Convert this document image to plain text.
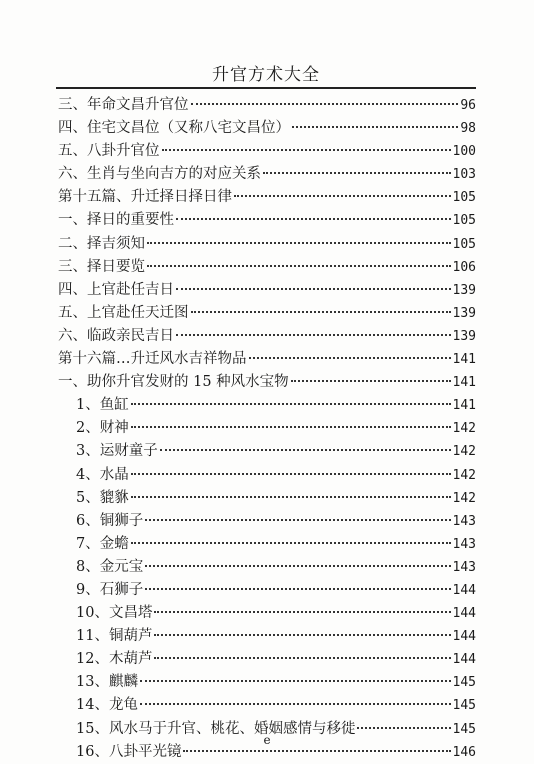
升官方术大全
三、年命文昌升官位	96
四、住宅文昌位（又称八宅文昌位）	98
五、八卦升官位	100
六、生肖与坐向吉方的对应关系	103
第十五篇、升迁择日择日律	105
一、择日的重要性	105
二、择吉须知	105
三、择日要览	106
四、上官赴任吉日	139
五、上官赴任天迁图	139
六、临政亲民吉日	139
第十六篇…升迁风水吉祥物品	141
一、助你升官发财的 15 种风水宝物	141
1、鱼缸	141
2、财神	142
3、运财童子	142
4、水晶	142
5、貔貅	142
6、铜狮子	143
7、金蟾	143
8、金元宝	143
9、石狮子	144
10、文昌塔	144
11、铜葫芦	144
12、木葫芦	144
13、麒麟	145
14、龙龟	145
15、风水马于升官、桃花、婚姻感情与移徙	145
16、八卦平光镜	146
e
